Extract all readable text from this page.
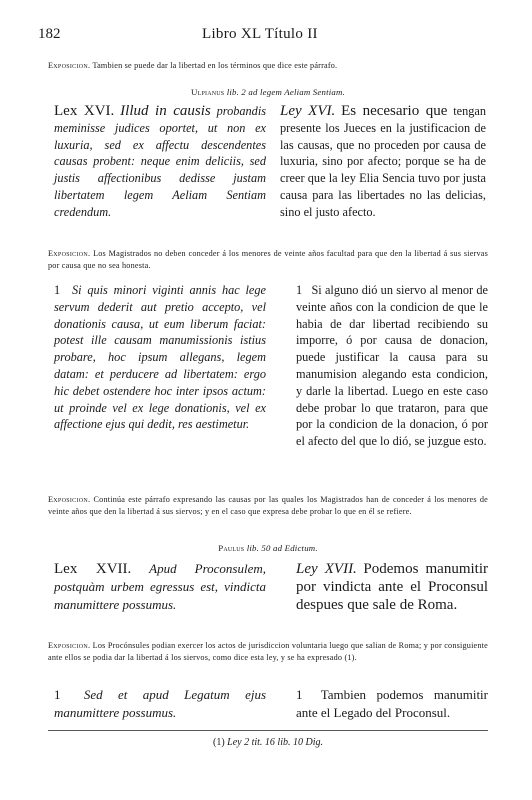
182	Libro XL Título II
Exposicion. Tambien se puede dar la libertad en los términos que dice este párrafo.
Ulpianus lib. 2 ad legem Aeliam Sentiam.
Lex XVI. Illud in causis probandis meminisse judices oportet, ut non ex luxuria, sed ex affectu descendentes causas probent: neque enim deliciis, sed justis affectionibus dedisse justam libertatem legem Aeliam Sentiam credendum.
Ley XVI. Es necesario que tengan presente los Jueces en la justificacion de las causas, que no proceden por causa de luxuria, sino por afecto; porque se ha de creer que la ley Elia Sencia tuvo por justa causa para las libertades no las delicias, sino el justo afecto.
Exposicion. Los Magistrados no deben conceder á los menores de veinte años facultad para que den la libertad á sus siervas por causa que no sea honesta.
1 Si quis minori viginti annis hac lege servum dederit aut pretio accepto, vel donationis causa, ut eum liberum faciat: potest ille causam manumissionis istius probare, hoc ipsum allegans, legem datam: et perducere ad libertatem: ergo hic debet ostendere hoc inter ipsos actum: ut proinde vel ex lege donationis, vel ex affectione ejus qui dedit, res aestimetur.
1 Si alguno dió un siervo al menor de veinte años con la condicion de que le habia de dar libertad recibiendo su imporre, ó por causa de donacion, puede justificar la causa para su manumision alegando esta condicion, y darle la libertad. Luego en este caso debe probar lo que trataron, para que por la condicion de la donacion, ó por el afecto del que lo dió, se juzgue esto.
Exposicion. Continúa este párrafo expresando las causas por las quales los Magistrados han de conceder á los menores de veinte años que den la libertad á sus siervos; y en el caso que expresa debe probar lo que en él se refiere.
Paulus lib. 50 ad Edictum.
Lex XVII. Apud Proconsulem, postquàm urbem egressus est, vindicta manumittere possumus.
Ley XVII. Podemos manumitir por vindicta ante el Proconsul despues que sale de Roma.
Exposicion. Los Procónsules podian exercer los actos de jurisdiccion voluntaria luego que salian de Roma; y por consiguiente ante ellos se podia dar la libertad á los siervos, como dice esta ley, y se ha expresado (1).
1 Sed et apud Legatum ejus manumittere possumus.
1 Tambien podemos manumitir ante el Legado del Proconsul.
(1) Ley 2 tit. 16 lib. 10 Dig.
